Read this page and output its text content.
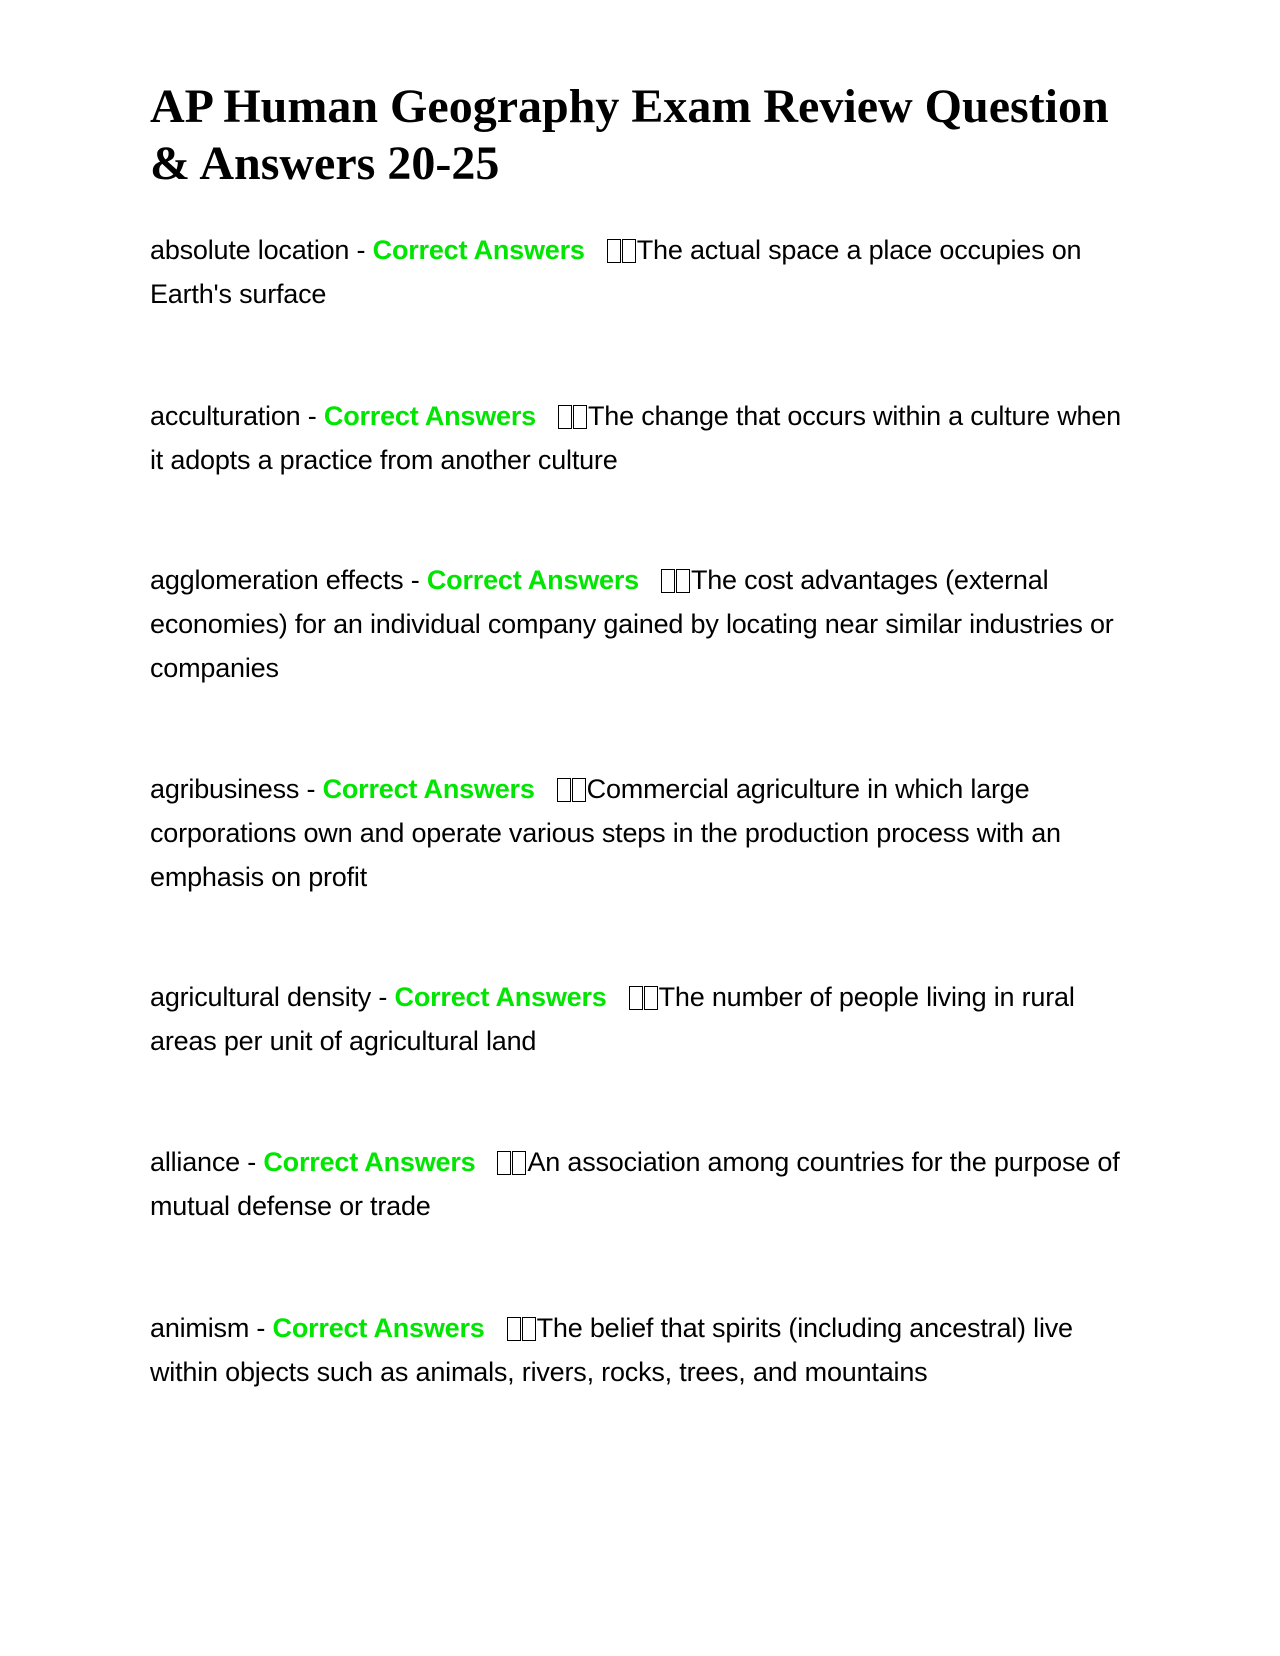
AP Human Geography Exam Review Question & Answers 20-25
absolute location - Correct Answers The actual space a place occupies on Earth's surface
acculturation - Correct Answers The change that occurs within a culture when it adopts a practice from another culture
agglomeration effects - Correct Answers The cost advantages (external economies) for an individual company gained by locating near similar industries or companies
agribusiness - Correct Answers Commercial agriculture in which large corporations own and operate various steps in the production process with an emphasis on profit
agricultural density - Correct Answers The number of people living in rural areas per unit of agricultural land
alliance - Correct Answers An association among countries for the purpose of mutual defense or trade
animism - Correct Answers The belief that spirits (including ancestral) live within objects such as animals, rivers, rocks, trees, and mountains
